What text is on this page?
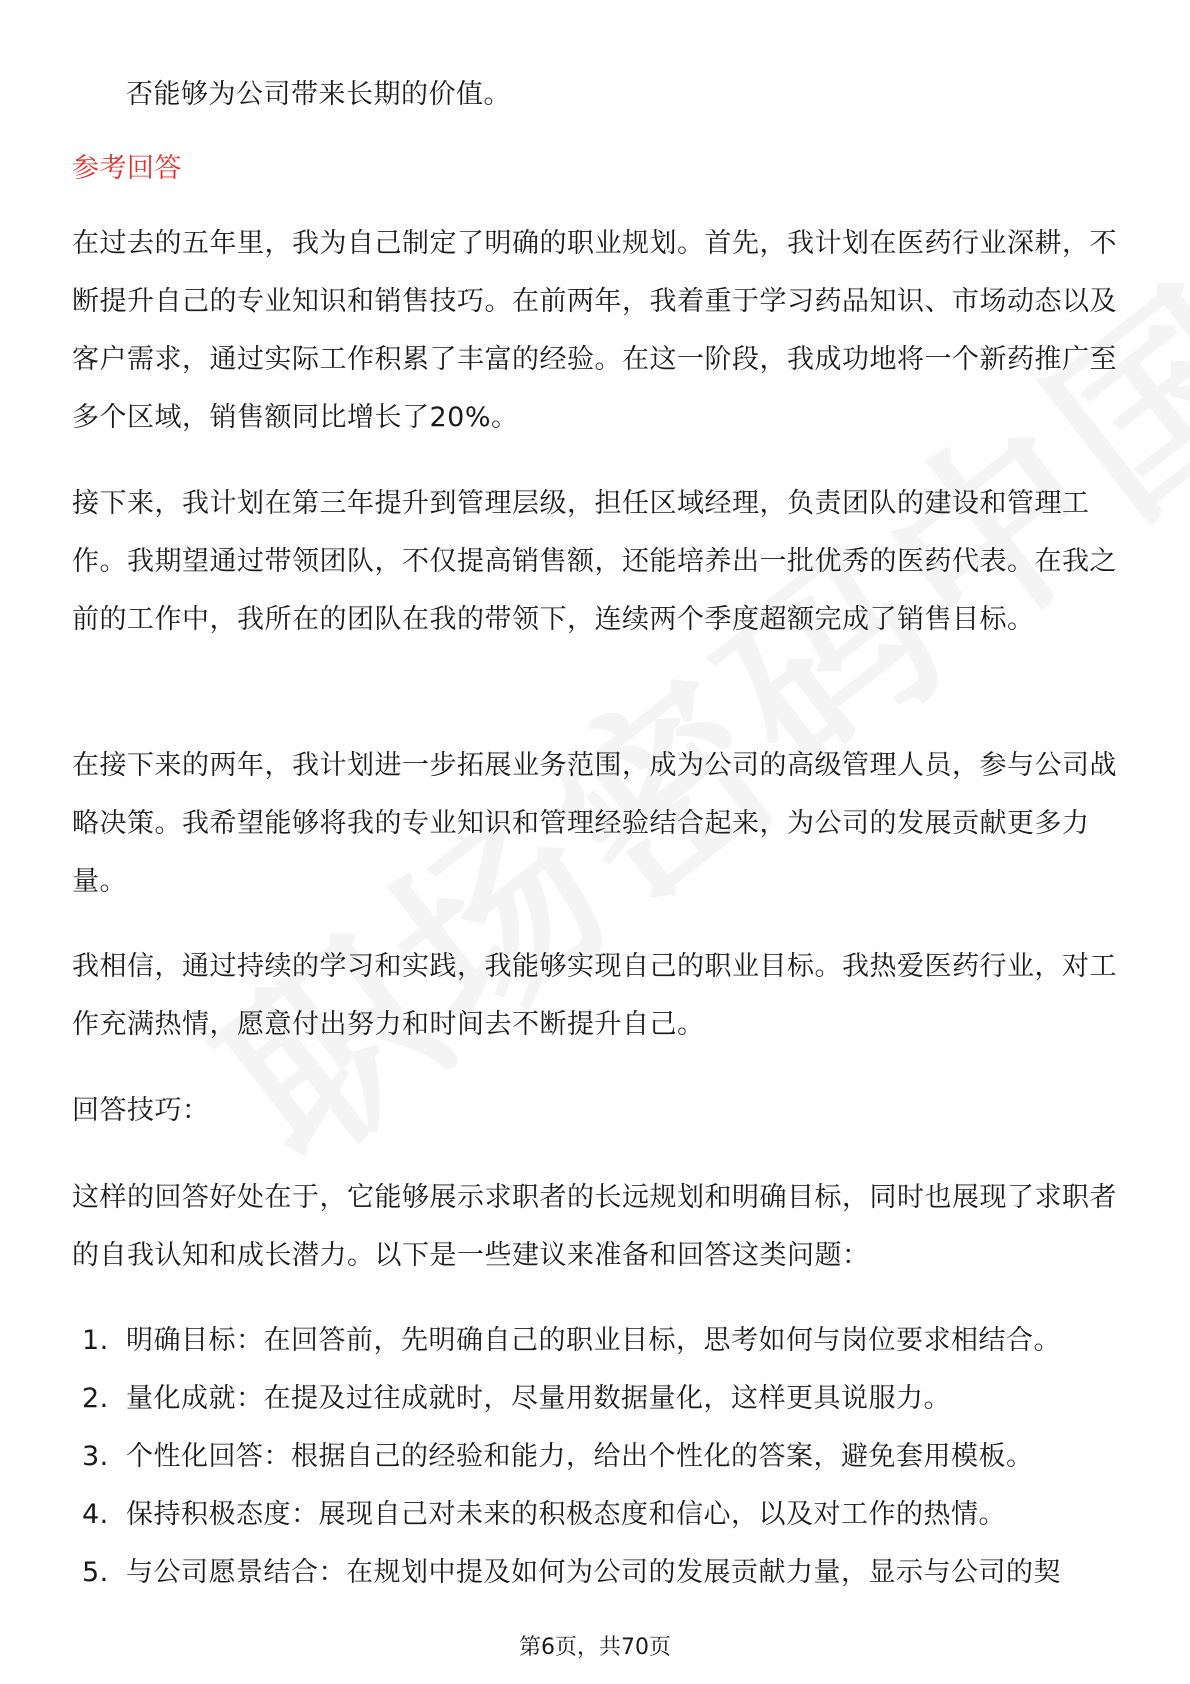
否能够为公司带来长期的价值。
参考回答
在过去的五年里，我为自己制定了明确的职业规划。首先，我计划在医药行业深耕，不断提升自己的专业知识和销售技巧。在前两年，我着重于学习药品知识、市场动态以及客户需求，通过实际工作积累了丰富的经验。在这一阶段，我成功地将一个新药推广至多个区域，销售额同比增长了20%。
接下来，我计划在第三年提升到管理层级，担任区域经理，负责团队的建设和管理工作。我期望通过带领团队，不仅提高销售额，还能培养出一批优秀的医药代表。在我之前的工作中，我所在的团队在我的带领下，连续两个季度超额完成了销售目标。
在接下来的两年，我计划进一步拓展业务范围，成为公司的高级管理人员，参与公司战略决策。我希望能够将我的专业知识和管理经验结合起来，为公司的发展贡献更多力量。
我相信，通过持续的学习和实践，我能够实现自己的职业目标。我热爱医药行业，对工作充满热情，愿意付出努力和时间去不断提升自己。
回答技巧：
这样的回答好处在于，它能够展示求职者的长远规划和明确目标，同时也展现了求职者的自我认知和成长潜力。以下是一些建议来准备和回答这类问题：
1. 明确目标：在回答前，先明确自己的职业目标，思考如何与岗位要求相结合。
2. 量化成就：在提及过往成就时，尽量用数据量化，这样更具说服力。
3. 个性化回答：根据自己的经验和能力，给出个性化的答案，避免套用模板。
4. 保持积极态度：展现自己对未来的积极态度和信心，以及对工作的热情。
5. 与公司愿景结合：在规划中提及如何为公司的发展贡献力量，显示与公司的契
第6页，共70页
